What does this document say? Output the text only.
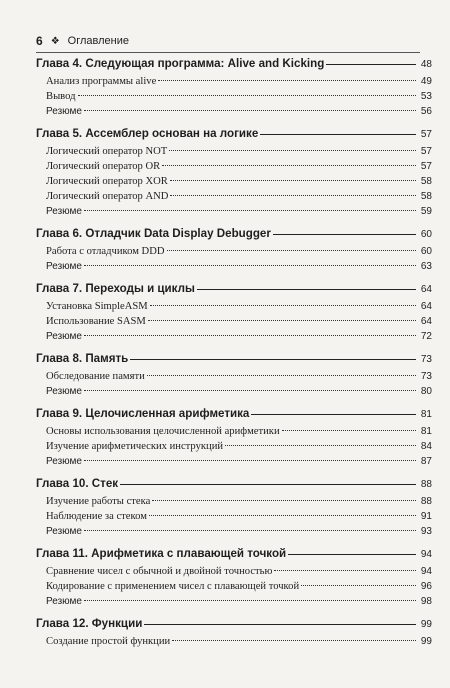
6 ❖ Оглавление
Глава 4. Следующая программа: Alive and Kicking	48
Анализ программы alive	49
Вывод	53
Резюме	56
Глава 5. Ассемблер основан на логике	57
Логический оператор NOT	57
Логический оператор OR	57
Логический оператор XOR	58
Логический оператор AND	58
Резюме	59
Глава 6. Отладчик Data Display Debugger	60
Работа с отладчиком DDD	60
Резюме	63
Глава 7. Переходы и циклы	64
Установка SimpleASM	64
Использование SASM	64
Резюме	72
Глава 8. Память	73
Обследование памяти	73
Резюме	80
Глава 9. Целочисленная арифметика	81
Основы использования целочисленной арифметики	81
Изучение арифметических инструкций	84
Резюме	87
Глава 10. Стек	88
Изучение работы стека	88
Наблюдение за стеком	91
Резюме	93
Глава 11. Арифметика с плавающей точкой	94
Сравнение чисел с обычной и двойной точностью	94
Кодирование с применением чисел с плавающей точкой	96
Резюме	98
Глава 12. Функции	99
Создание простой функции	99
